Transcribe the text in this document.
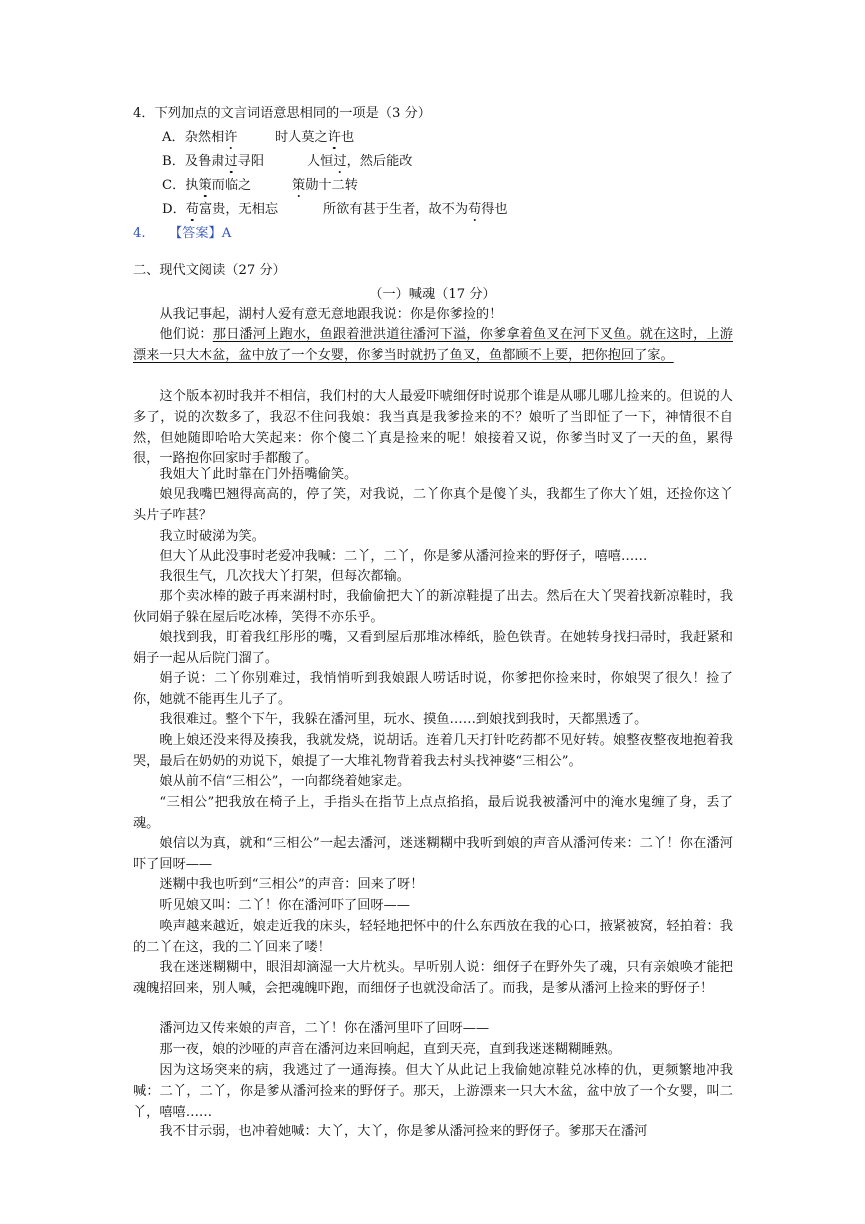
4．下列加点的文言词语意思相同的一项是（3 分）
A．杂然相许	时人莫之许也
B．及鲁肃过寻阳	人恒过，然后能改
C．执策而临之	策勋十二转
D．苟富贵，无相忘	所欲有甚于生者，故不为苟得也
4. 【答案】A
二、现代文阅读（27 分）
（一）喊魂（17 分）
从我记事起，湖村人爱有意无意地跟我说：你是你爹捡的！
他们说：那日潘河上跑水，鱼跟着泄洪道往潘河下溢，你爹拿着鱼叉在河下叉鱼。就在这时，上游漂来一只大木盆，盆中放了一个女婴，你爹当时就扔了鱼叉，鱼都顾不上要，把你抱回了家。
这个版本初时我并不相信，我们村的大人最爱吓唬细伢时说那个谁是从哪儿哪儿捡来的。但说的人多了，说的次数多了，我忍不住问我娘：我当真是我爹捡来的不？娘听了当即怔了一下，神情很不自然，但她随即哈哈大笑起来：你个傻二丫真是捡来的呢！娘接着又说，你爹当时叉了一天的鱼，累得很，一路抱你回家时手都酸了。
我姐大丫此时靠在门外捂嘴偷笑。
娘见我嘴巴翘得高高的，停了笑，对我说，二丫你真个是傻丫头，我都生了你大丫姐，还捡你这丫头片子咋甚？
我立时破涕为笑。
但大丫从此没事时老爱冲我喊：二丫，二丫，你是爹从潘河捡来的野伢子，嘻嘻……
我很生气，几次找大丫打架，但每次都输。
那个卖冰棒的跛子再来湖村时，我偷偷把大丫的新凉鞋提了出去。然后在大丫哭着找新凉鞋时，我伙同娟子躲在屋后吃冰棒，笑得不亦乐乎。
娘找到我，盯着我红彤彤的嘴，又看到屋后那堆冰棒纸，脸色铁青。在她转身找扫帚时，我赶紧和娟子一起从后院门溜了。
娟子说：二丫你别难过，我悄悄听到我娘跟人唠话时说，你爹把你捡来时，你娘哭了很久！捡了你，她就不能再生儿子了。
我很难过。整个下午，我躲在潘河里，玩水、摸鱼……到娘找到我时，天都黑透了。
晚上娘还没来得及揍我，我就发烧，说胡话。连着几天打针吃药都不见好转。娘整夜整夜地抱着我哭，最后在奶奶的劝说下，娘提了一大堆礼物背着我去村头找神婆“三相公”。
娘从前不信“三相公”，一向都绕着她家走。
“三相公”把我放在椅子上，手指头在指节上点点掐掐，最后说我被潘河中的淹水鬼缠了身，丢了魂。
娘信以为真，就和“三相公”一起去潘河，迷迷糊糊中我听到娘的声音从潘河传来：二丫！你在潘河吓了回呀——
迷糊中我也听到“三相公”的声音：回来了呀！
听见娘又叫：二丫！你在潘河吓了回呀——
唤声越来越近，娘走近我的床头，轻轻地把怀中的什么东西放在我的心口，掖紧被窝，轻拍着：我的二丫在这，我的二丫回来了喽！
我在迷迷糊糊中，眼泪却滴湿一大片枕头。早听别人说：细伢子在野外失了魂，只有亲娘唤才能把魂魄招回来，别人喊，会把魂魄吓跑，而细伢子也就没命活了。而我，是爹从潘河上捡来的野伢子！
潘河边又传来娘的声音，二丫！你在潘河里吓了回呀——
那一夜，娘的沙哑的声音在潘河边来回响起，直到天亮，直到我迷迷糊糊睡熟。
因为这场突来的病，我逃过了一通海揍。但大丫从此记上我偷她凉鞋兑冰棒的仇，更频繁地冲我喊：二丫，二丫，你是爹从潘河捡来的野伢子。那天，上游漂来一只大木盆，盆中放了一个女婴，叫二丫，嘻嘻……
我不甘示弱，也冲着她喊：大丫，大丫，你是爹从潘河捡来的野伢子。爹那天在潘河
